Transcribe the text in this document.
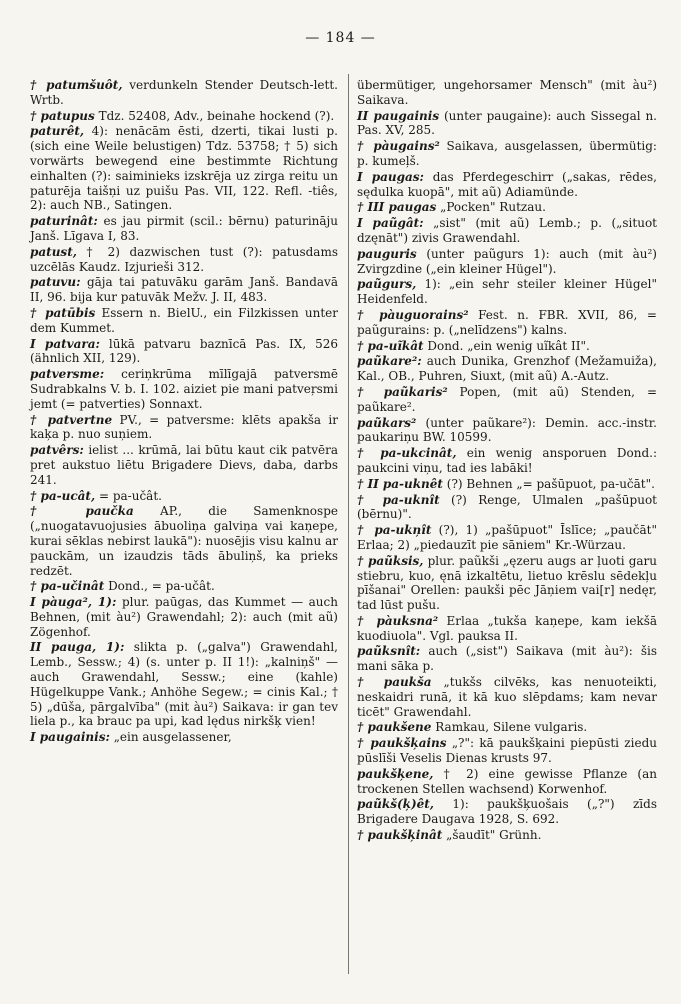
— 184 —

† patumšuôt, verdunkeln Stender Deutsch-lett. Wrtb.

† patupus Tdz. 52408, Adv., beinahe hockend (?).

paturêt, 4): nenācām ēsti, dzerti, tikai lusti p. (sich eine Weile belustigen) Tdz. 53758; † 5) sich vorwärts bewegend eine bestimmte Richtung einhalten (?): saiminieks izskrēja uz zirga reitu un paturēja taišņi uz puišu Pas. VII, 122. Refl. -tiês, 2): auch NB., Satingen.

paturinât: es jau pirmit (scil.: bērnu) paturināju Janš. Līgava I, 83.

patust, † 2) dazwischen tust (?): patusdams uzcēlās Kaudz. Izjurieši 312.

patuvu: gāja tai patuvāku garām Janš. Bandavā II, 96. bija kur patuvāk Mežv. J. II, 483.

† patūbis Essern n. BielU., ein Filzkissen unter dem Kummet.

I patvara: lūkā patvaru baznīcā Pas. IX, 526 (ähnlich XII, 129).

patversme: ceriņkrūma mīlīgajā patversmē Sudrabkalns V. b. I. 102. aiziet pie mani patveŗsmi jemt (= patverties) Sonnaxt.

† patvertne PV., = patversme: klēts apakša ir kaķa p. nuo suņiem.

patvêrs: ielist ... krūmā, lai būtu kaut cik patvēra pret aukstuo liētu Brigadere Dievs, daba, darbs 241.

† pa-ucât, = pa-učât.

† paučka AP., die Samenknospe („nuogatavuojusies ābuoliņa galviņa vai kaņepe, kurai sēklas nebirst laukā"): nuosējis visu kalnu ar pauckām, un izaudzis tāds ābuliņš, ka prieks redzēt.

† pa-učinât Dond., = pa-učât.

I pàuga², 1): plur. paūgas, das Kummet — auch Behnen, (mit àu²) Grawendahl; 2): auch (mit aũ) Zögenhof.

II pauga, 1): slikta p. („galva") Grawendahl, Lemb., Sessw.; 4) (s. unter p. II 1!): „kalniņš" — auch Grawendahl, Sessw.; eine (kahle) Hügelkuppe Vank.; Anhöhe Segew.; = cinis Kal.; † 5) „dūša, pārgalvība" (mit àu²) Saikava: ir gan tev liela p., ka brauc pa upi, kad lędus nirkšķ vien!

I paugainis: „ein ausgelassener,

übermütiger, ungehorsamer Mensch" (mit àu²) Saikava.

II paugainis (unter paugaine): auch Sissegal n. Pas. XV, 285.

† pàugains² Saikava, ausgelassen, übermütig: p. kumeļš.

I paugas: das Pferdegeschirr („sakas, rēdes, sędulka kuopā", mit aũ) Adiamünde.

† III paugas „Pocken" Rutzau.

I paũgât: „sist" (mit aũ) Lemb.; p. („situot dzęnāt") zivis Grawendahl.

pauguris (unter paũgurs 1): auch (mit àu²) Zvirgzdine („ein kleiner Hügel").

paũgurs, 1): „ein sehr steiler kleiner Hügel" Heidenfeld.

† pàuguorains² Fest. n. FBR. XVII, 86, = paũgurains: p. („nelīdzens") kalns.

† pa-uĩkât Dond. „ein wenig uĩkât II".

paũkare²: auch Dunika, Grenzhof (Mežamuiža), Kal., OB., Puhren, Siuxt, (mit aũ) A.-Autz.

† paũkaris² Popen, (mit aũ) Stenden, = paũkare².

paũkars² (unter paũkare²): Demin. acc.-instr. paukariņu BW. 10599.

† pa-ukcinât, ein wenig ansporuen Dond.: paukcini viņu, tad ies labāki!

† II pa-uknêt (?) Behnen „= pašūpuot, pa-učāt".

† pa-uknît (?) Renge, Ulmalen „pašūpuot (bērnu)".

† pa-ukņît (?), 1) „pašūpuot" Īslīce; „paučāt" Erlaa; 2) „piedauzīt pie sāniem" Kr.-Würzau.

† paũksis, plur. paũkši „ęzeru augs ar ļuoti garu stiebru, kuo, ęnā izkaltētu, lietuo krēslu sēdekļu pīšanai" Orellen: paukši pēc Jāņiem vai[r] nedęr, tad lūst pušu.

† pàuksna² Erlaa „tukša kaņepe, kam iekšā kuodiuola". Vgl. pauksa II.

paũksnît: auch („sist") Saikava (mit àu²): šis mani sāka p.

† paukša „tukšs cilvēks, kas nenuoteikti, neskaidri runā, it kā kuo slēpdams; kam nevar ticēt" Grawendahl.

† paukšene Ramkau, Silene vulgaris.

† paukšķains „?": kā paukšķaini piepūsti ziedu pūslīši Veselis Dienas krusts 97.

paukšķene, † 2) eine gewisse Pflanze (an trockenen Stellen wachsend) Korwenhof.

paũkš(ķ)êt, 1): paukšķuošais („?") zīds Brigadere Daugava 1928, S. 692.

† paukšķinât „šaudīt" Grünh.
